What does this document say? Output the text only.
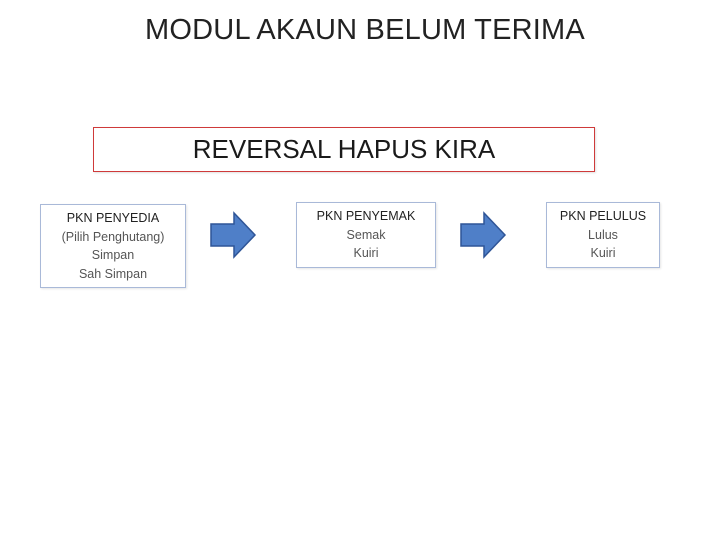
MODUL AKAUN BELUM TERIMA
REVERSAL HAPUS KIRA
PKN PENYEDIA
(Pilih Penghutang)
Simpan
Sah Simpan
PKN PENYEMAK
Semak
Kuiri
PKN PELULUS
Lulus
Kuiri
